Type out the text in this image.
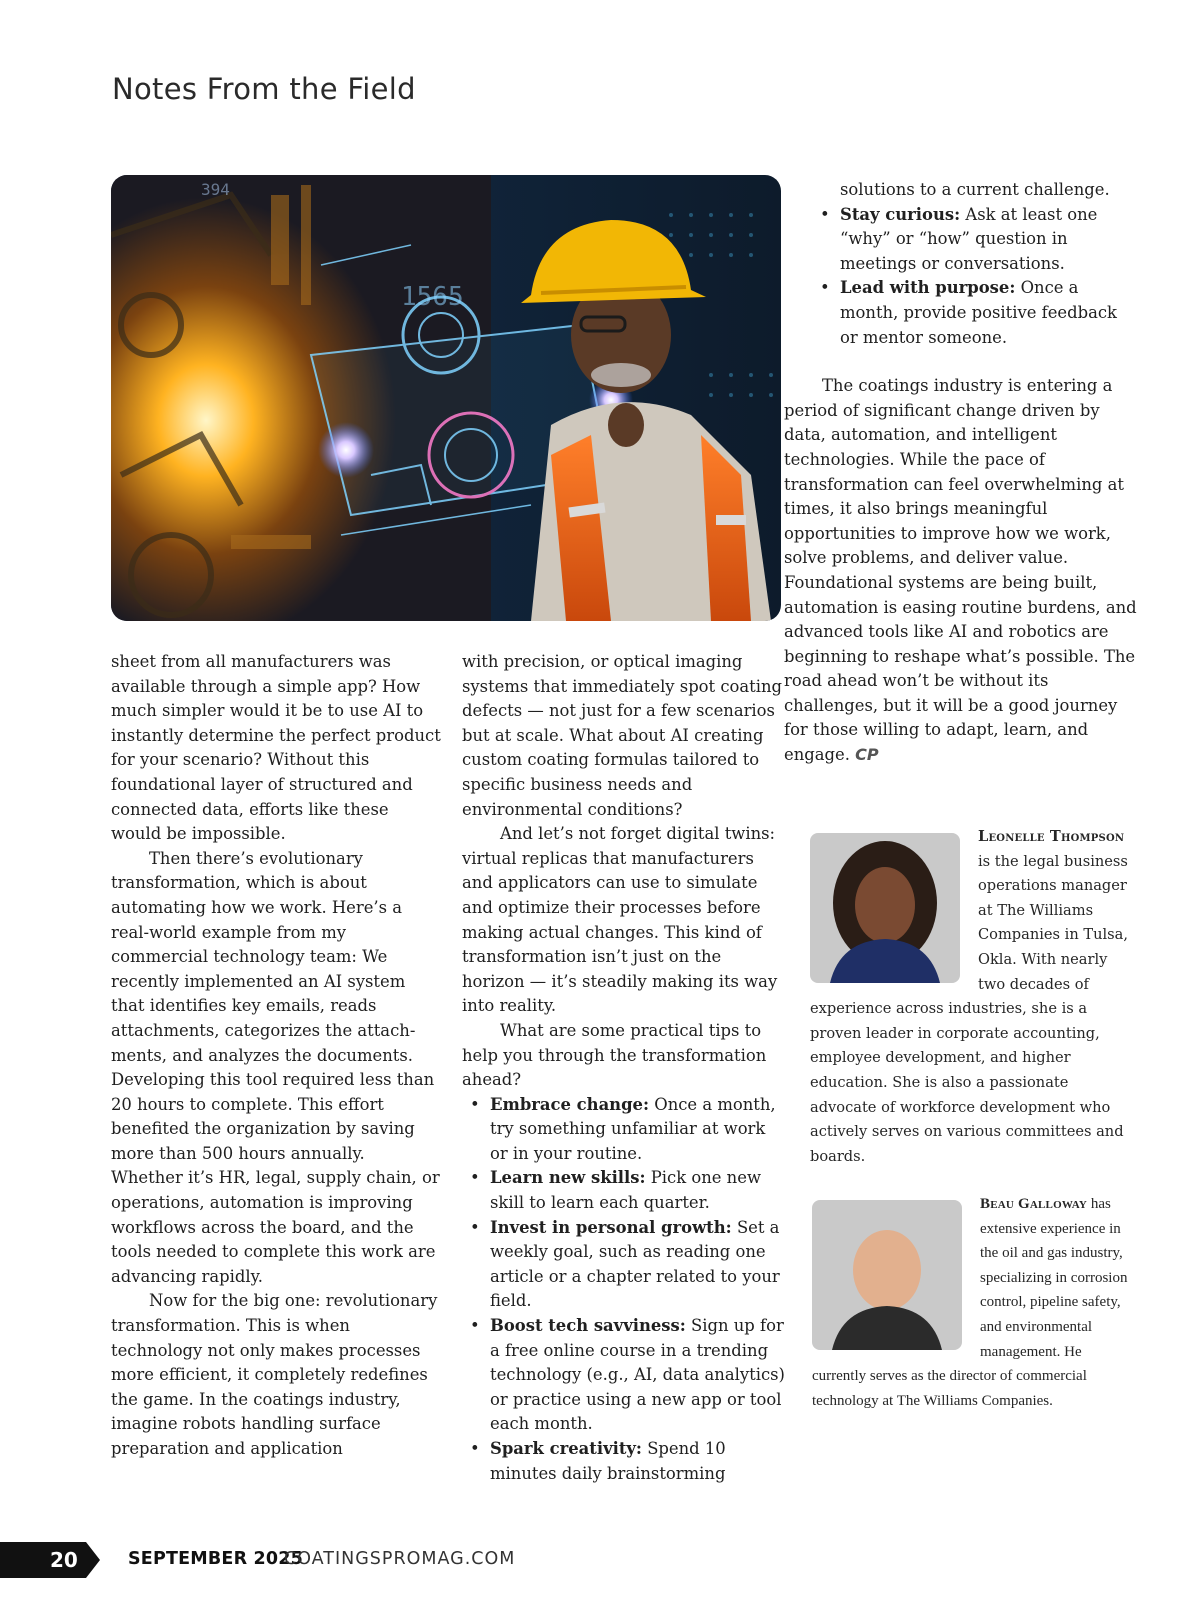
Notes From the Field
394
1565

sheet from all manufacturers was available through a simple app? How much simpler would it be to use AI to instantly determine the perfect product for your scenario? Without this foundational layer of structured and connected data, efforts like these would be impossible.

Then there’s evolutionary transformation, which is about automating how we work. Here’s a real-world example from my commercial technology team: We recently implemented an AI system that identifies key emails, reads attachments, categorizes the attachments, and analyzes the documents. Developing this tool required less than 20 hours to complete. This effort benefited the organization by saving more than 500 hours annually. Whether it’s HR, legal, supply chain, or operations, automation is improving workflows across the board, and the tools needed to complete this work are advancing rapidly.

Now for the big one: revolutionary transformation. This is when technology not only makes processes more efficient, it completely redefines the game. In the coatings industry, imagine robots handling surface preparation and application

with precision, or optical imaging systems that immediately spot coating defects — not just for a few scenarios but at scale. What about AI creating custom coating formulas tailored to specific business needs and environmental conditions?

And let’s not forget digital twins: virtual replicas that manufacturers and applicators can use to simulate and optimize their processes before making actual changes. This kind of transformation isn’t just on the horizon — it’s steadily making its way into reality.

What are some practical tips to help you through the transformation ahead?

• Embrace change: Once a month, try something unfamiliar at work or in your routine.
• Learn new skills: Pick one new skill to learn each quarter.
• Invest in personal growth: Set a weekly goal, such as reading one article or a chapter related to your field.
• Boost tech savviness: Sign up for a free online course in a trending technology (e.g., AI, data analytics) or practice using a new app or tool each month.
• Spark creativity: Spend 10 minutes daily brainstorming
solutions to a current challenge.
• Stay curious: Ask at least one “why” or “how” question in meetings or conversations.
• Lead with purpose: Once a month, provide positive feedback or mentor someone.

The coatings industry is entering a period of significant change driven by data, automation, and intelligent technologies. While the pace of transformation can feel overwhelming at times, it also brings meaningful opportunities to improve how we work, solve problems, and deliver value. Foundational systems are being built, automation is easing routine burdens, and advanced tools like AI and robotics are beginning to reshape what’s possible. The road ahead won’t be without its challenges, but it will be a good journey for those willing to adapt, learn, and engage. CP

Leonelle Thompson
is the legal business operations manager at The Williams Companies in Tulsa, Okla. With nearly two decades of experience across industries, she is a proven leader in corporate accounting, employee development, and higher education. She is also a passionate advocate of workforce development who actively serves on various committees and boards.
Beau Galloway
has extensive experience in the oil and gas industry, specializing in corrosion control, pipeline safety, and environmental management. He currently serves as the director of commercial technology at The Williams Companies.
20	SEPTEMBER 2025
COATINGSPROMAG.COM
